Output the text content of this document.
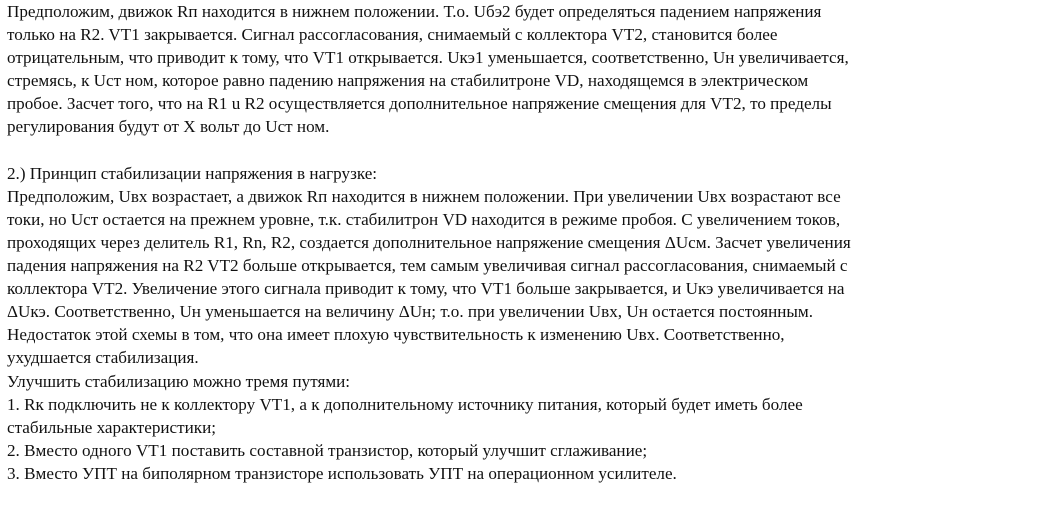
Предположим, движок Rп находится в нижнем положении. Т.о. Uбэ2 будет определяться падением напряжения
только на R2. VT1 закрывается. Сигнал рассогласования, снимаемый с коллектора VT2, становится более
отрицательным, что приводит к тому, что VT1 открывается. Uкэ1 уменьшается, соответственно, Uн увеличивается,
стремясь, к Uст ном, которое равно падению напряжения на стабилитроне VD, находящемся в электрическом
пробое. Засчет того, что на R1 u R2 осуществляется дополнительное напряжение смещения для VT2, то пределы
регулирования будут от X вольт до Uст ном.
2.) Принцип стабилизации напряжения в нагрузке:
Предположим, Uвх возрастает, а движок Rп находится в нижнем положении. При увеличении Uвх возрастают все
токи, но Uст остается на прежнем уровне, т.к. стабилитрон VD находится в режиме пробоя. С увеличением токов,
проходящих через делитель R1, Rn, R2, создается дополнительное напряжение смещения ΔUсм. Засчет увеличения
падения напряжения на R2 VT2 больше открывается, тем самым увеличивая сигнал рассогласования, снимаемый с
коллектора VT2. Увеличение этого сигнала приводит к тому, что VT1 больше закрывается, и Uкэ увеличивается на
ΔUкэ. Соответственно, Uн уменьшается на величину ΔUн; т.о. при увеличении Uвх, Uн остается постоянным.
Недостаток этой схемы в том, что она имеет плохую чувствительность к изменению Uвх. Соответственно,
ухудшается стабилизация.
Улучшить стабилизацию можно тремя путями:
1. Rк подключить не к коллектору VT1, а к дополнительному источнику питания, который будет иметь более
стабильные характеристики;
2. Вместо одного VT1 поставить составной транзистор, который улучшит сглаживание;
3. Вместо УПТ на биполярном транзисторе использовать УПТ на операционном усилителе.
